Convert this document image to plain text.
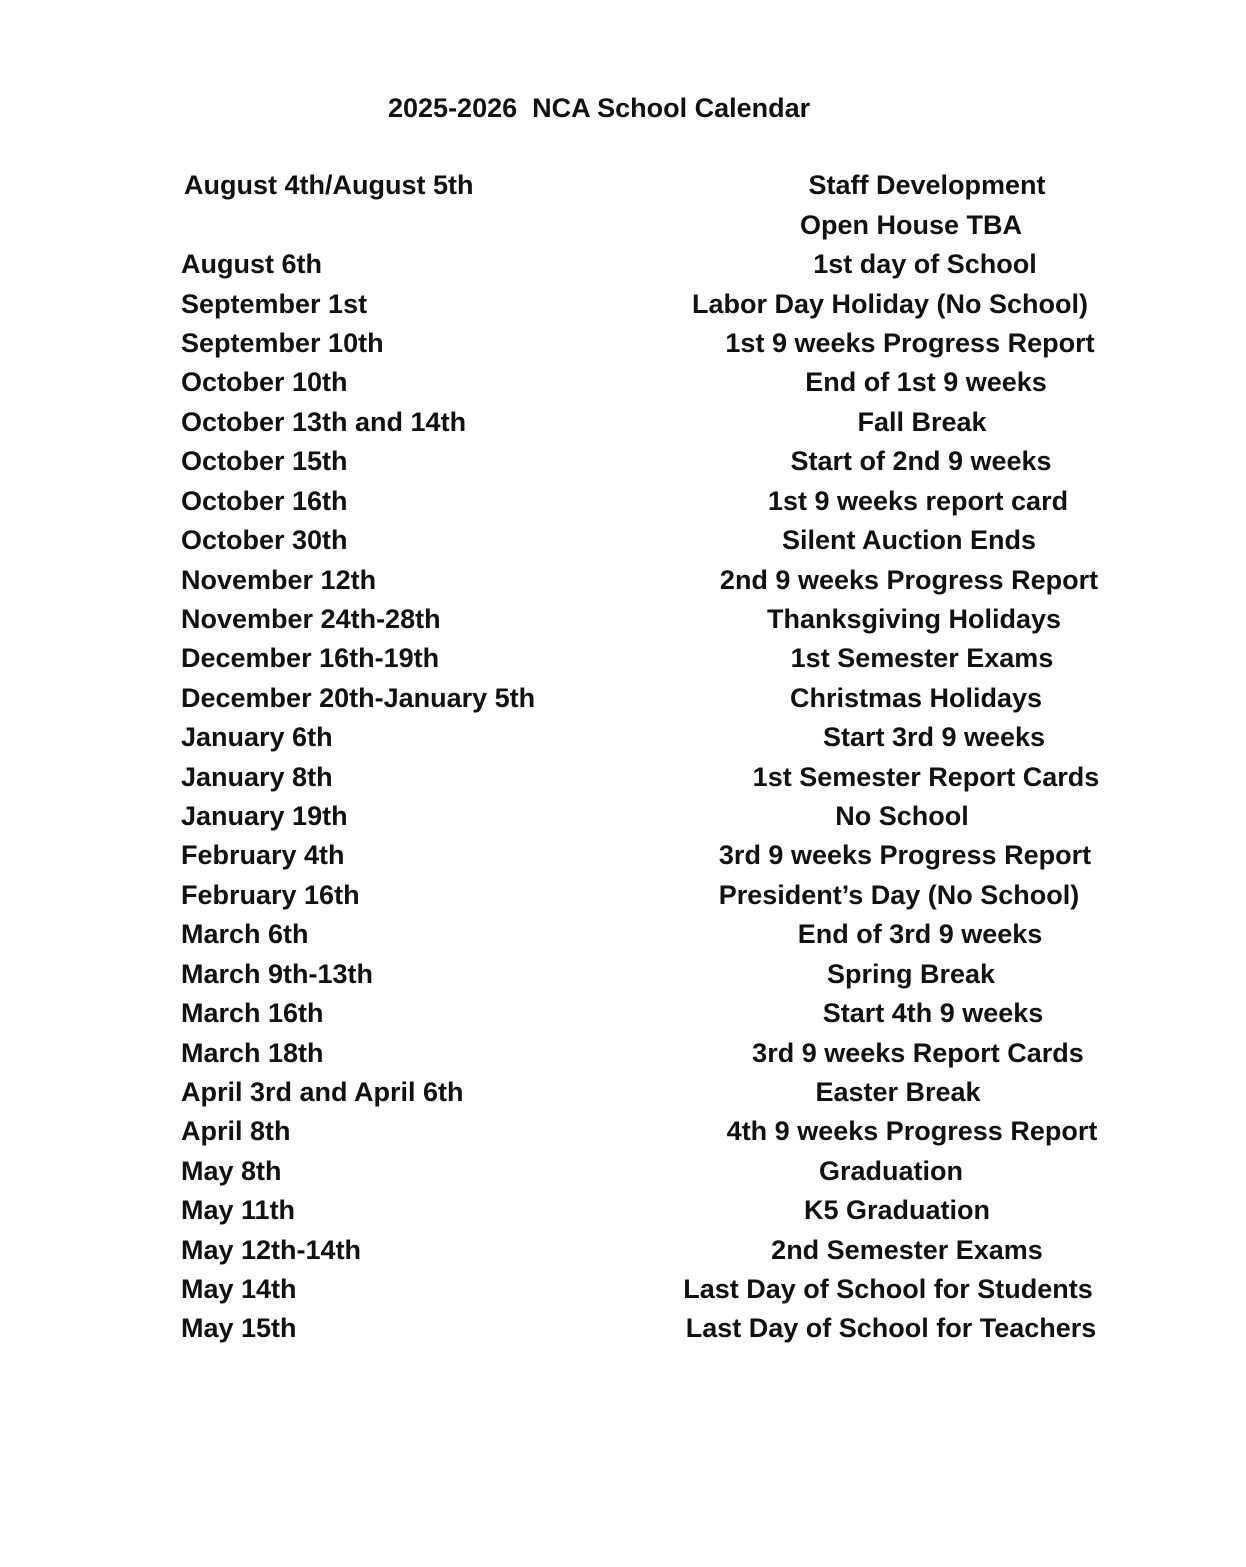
2025-2026  NCA School Calendar
August 4th/August 5th	Staff Development
Open House TBA
August 6th	1st day of School
September 1st	Labor Day Holiday (No School)
September 10th	1st 9 weeks Progress Report
October 10th	End of 1st 9 weeks
October 13th and 14th	Fall Break
October 15th	Start of 2nd 9 weeks
October 16th	1st 9 weeks report card
October 30th	Silent Auction Ends
November 12th	2nd 9 weeks Progress Report
November 24th-28th	Thanksgiving Holidays
December 16th-19th	1st Semester Exams
December 20th-January 5th	Christmas Holidays
January 6th	Start 3rd 9 weeks
January 8th	1st Semester Report Cards
January 19th	No School
February 4th	3rd 9 weeks Progress Report
February 16th	President’s Day (No School)
March 6th	End of 3rd 9 weeks
March 9th-13th	Spring Break
March 16th	Start 4th 9 weeks
March 18th	3rd 9 weeks Report Cards
April 3rd and April 6th	Easter Break
April 8th	4th 9 weeks Progress Report
May 8th	Graduation
May 11th	K5 Graduation
May 12th-14th	2nd Semester Exams
May 14th	Last Day of School for Students
May 15th	Last Day of School for Teachers
